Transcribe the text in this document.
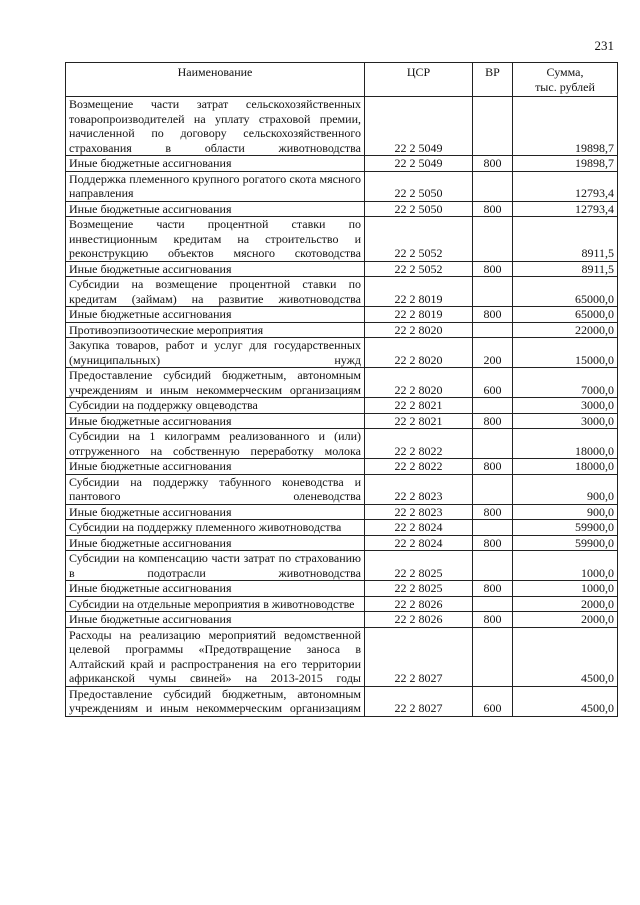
231
Наименование	ЦСР	ВР	Сумма,
тыс. рублей

Возмещение части затрат сельскохозяйственных товаропроизводителей на уплату страховой премии, начисленной по договору сельскохозяйственного страхования в области животноводства	22 2 5049		19898,7
Иные бюджетные ассигнования	22 2 5049	800	19898,7
Поддержка племенного крупного рогатого скота мясного направления	22 2 5050		12793,4
Иные бюджетные ассигнования	22 2 5050	800	12793,4
Возмещение части процентной ставки по инвестиционным кредитам на строительство и реконструкцию объектов мясного скотоводства	22 2 5052		8911,5
Иные бюджетные ассигнования	22 2 5052	800	8911,5
Субсидии на возмещение процентной ставки по кредитам (займам) на развитие животноводства	22 2 8019		65000,0
Иные бюджетные ассигнования	22 2 8019	800	65000,0
Противоэпизоотические мероприятия	22 2 8020		22000,0
Закупка товаров, работ и услуг для государственных (муниципальных) нужд	22 2 8020	200	15000,0
Предоставление субсидий бюджетным, автономным учреждениям и иным некоммерческим организациям	22 2 8020	600	7000,0
Субсидии на поддержку овцеводства	22 2 8021		3000,0
Иные бюджетные ассигнования	22 2 8021	800	3000,0
Субсидии на 1 килограмм реализованного и (или) отгруженного на собственную переработку молока	22 2 8022		18000,0
Иные бюджетные ассигнования	22 2 8022	800	18000,0
Субсидии на поддержку табунного коневодства и пантового оленеводства	22 2 8023		900,0
Иные бюджетные ассигнования	22 2 8023	800	900,0
Субсидии на поддержку племенного животноводства	22 2 8024		59900,0
Иные бюджетные ассигнования	22 2 8024	800	59900,0
Субсидии на компенсацию части затрат по страхованию в подотрасли животноводства	22 2 8025		1000,0
Иные бюджетные ассигнования	22 2 8025	800	1000,0
Субсидии на отдельные мероприятия в животноводстве	22 2 8026		2000,0
Иные бюджетные ассигнования	22 2 8026	800	2000,0
Расходы на реализацию мероприятий ведомственной целевой программы «Предотвращение заноса в Алтайский край и распространения на его территории африканской чумы свиней» на 2013-2015 годы	22 2 8027		4500,0
Предоставление субсидий бюджетным, автономным учреждениям и иным некоммерческим организациям	22 2 8027	600	4500,0
